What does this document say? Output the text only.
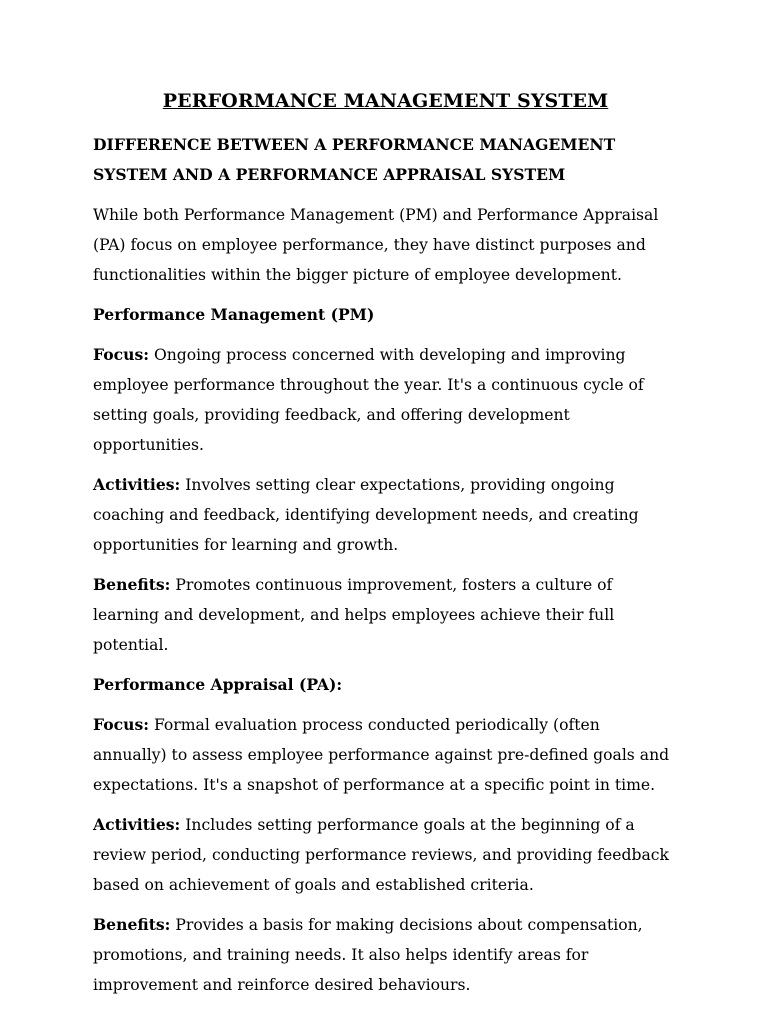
PERFORMANCE MANAGEMENT SYSTEM
DIFFERENCE BETWEEN A PERFORMANCE MANAGEMENT SYSTEM AND A PERFORMANCE APPRAISAL SYSTEM

While both Performance Management (PM) and Performance Appraisal (PA) focus on employee performance, they have distinct purposes and functionalities within the bigger picture of employee development.

Performance Management (PM)

Focus: Ongoing process concerned with developing and improving employee performance throughout the year. It's a continuous cycle of setting goals, providing feedback, and offering development opportunities.

Activities: Involves setting clear expectations, providing ongoing coaching and feedback, identifying development needs, and creating opportunities for learning and growth.

Benefits: Promotes continuous improvement, fosters a culture of learning and development, and helps employees achieve their full potential.

Performance Appraisal (PA):

Focus: Formal evaluation process conducted periodically (often annually) to assess employee performance against pre-defined goals and expectations. It's a snapshot of performance at a specific point in time.

Activities: Includes setting performance goals at the beginning of a review period, conducting performance reviews, and providing feedback based on achievement of goals and established criteria.

Benefits: Provides a basis for making decisions about compensation, promotions, and training needs. It also helps identify areas for improvement and reinforce desired behaviours.
